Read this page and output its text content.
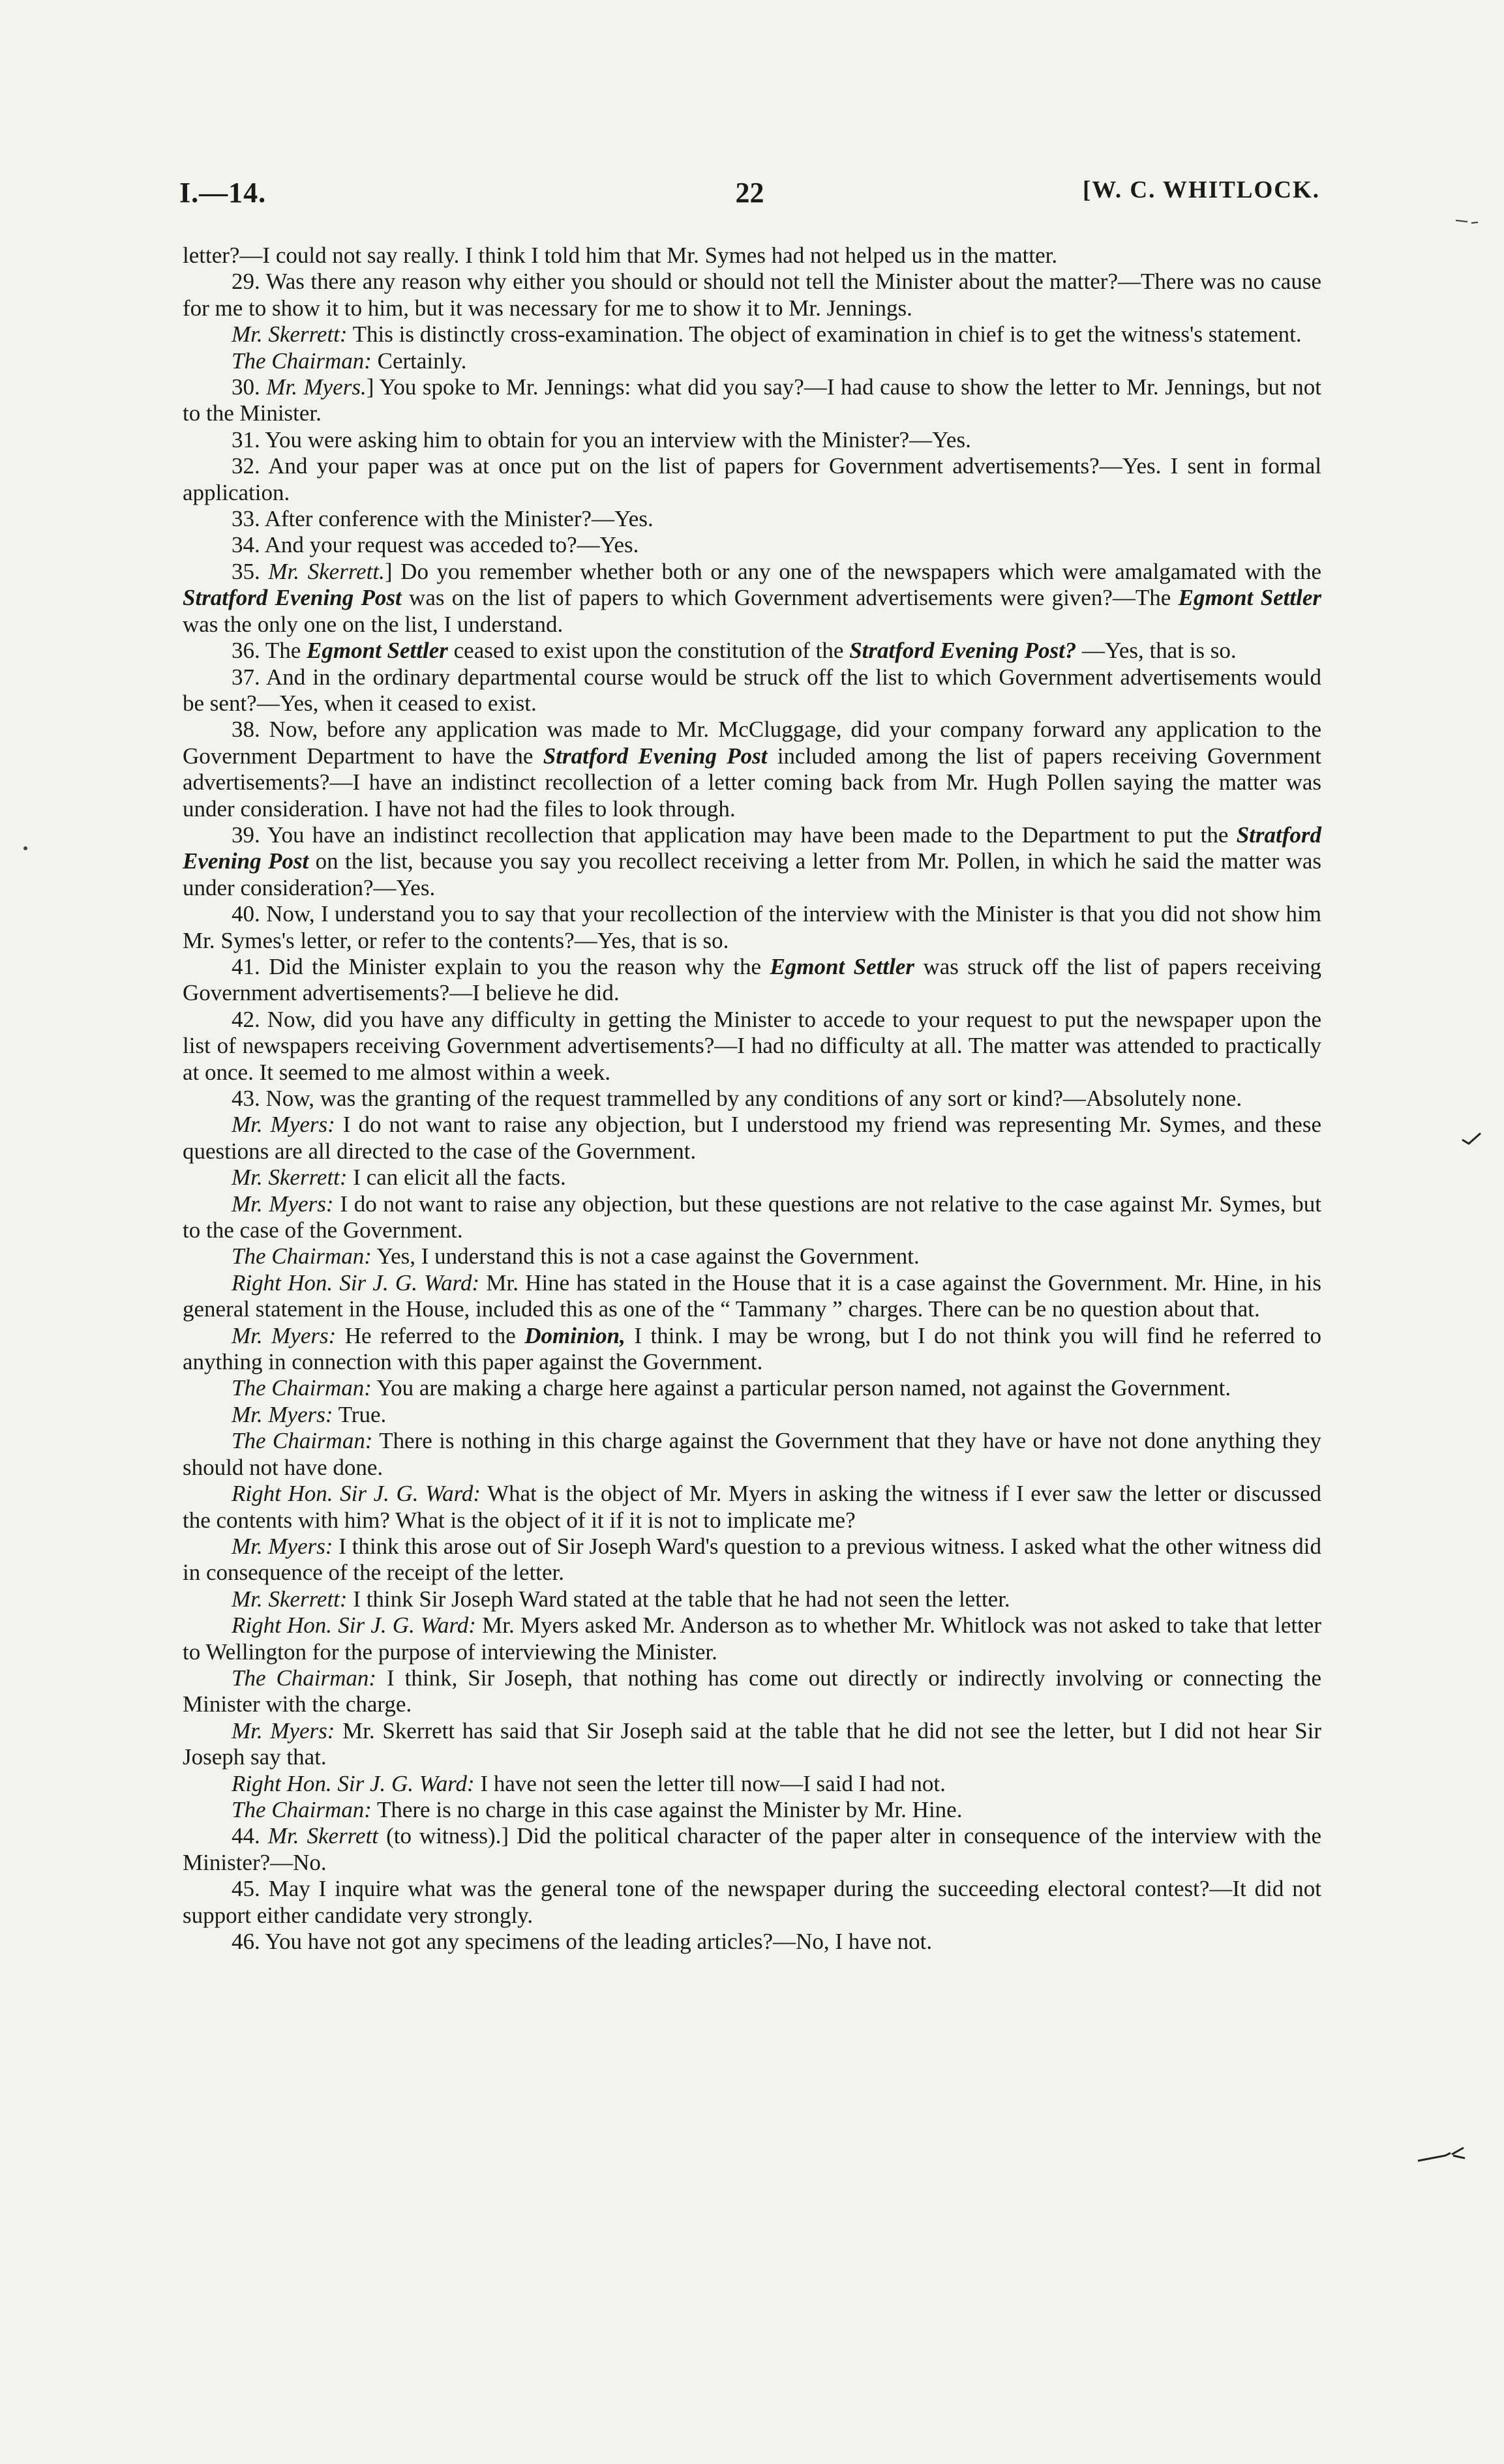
I.—14.	22	[W. C. WHITLOCK.

letter?—I could not say really. I think I told him that Mr. Symes had not helped us in the matter.

29. Was there any reason why either you should or should not tell the Minister about the matter?—There was no cause for me to show it to him, but it was necessary for me to show it to Mr. Jennings.

Mr. Skerrett: This is distinctly cross-examination. The object of examination in chief is to get the witness's statement.

The Chairman: Certainly.

30. Mr. Myers.] You spoke to Mr. Jennings: what did you say?—I had cause to show the letter to Mr. Jennings, but not to the Minister.

31. You were asking him to obtain for you an interview with the Minister?—Yes.

32. And your paper was at once put on the list of papers for Government advertisements?—Yes. I sent in formal application.

33. After conference with the Minister?—Yes.

34. And your request was acceded to?—Yes.

35. Mr. Skerrett.] Do you remember whether both or any one of the newspapers which were amalgamated with the Stratford Evening Post was on the list of papers to which Government advertisements were given?—The Egmont Settler was the only one on the list, I understand.

36. The Egmont Settler ceased to exist upon the constitution of the Stratford Evening Post? —Yes, that is so.

37. And in the ordinary departmental course would be struck off the list to which Government advertisements would be sent?—Yes, when it ceased to exist.

38. Now, before any application was made to Mr. McCluggage, did your company forward any application to the Government Department to have the Stratford Evening Post included among the list of papers receiving Government advertisements?—I have an indistinct recollection of a letter coming back from Mr. Hugh Pollen saying the matter was under consideration. I have not had the files to look through.

39. You have an indistinct recollection that application may have been made to the Department to put the Stratford Evening Post on the list, because you say you recollect receiving a letter from Mr. Pollen, in which he said the matter was under consideration?—Yes.

40. Now, I understand you to say that your recollection of the interview with the Minister is that you did not show him Mr. Symes's letter, or refer to the contents?—Yes, that is so.

41. Did the Minister explain to you the reason why the Egmont Settler was struck off the list of papers receiving Government advertisements?—I believe he did.

42. Now, did you have any difficulty in getting the Minister to accede to your request to put the newspaper upon the list of newspapers receiving Government advertisements?—I had no difficulty at all. The matter was attended to practically at once. It seemed to me almost within a week.

43. Now, was the granting of the request trammelled by any conditions of any sort or kind?—Absolutely none.

Mr. Myers: I do not want to raise any objection, but I understood my friend was representing Mr. Symes, and these questions are all directed to the case of the Government.

Mr. Skerrett: I can elicit all the facts.

Mr. Myers: I do not want to raise any objection, but these questions are not relative to the case against Mr. Symes, but to the case of the Government.

The Chairman: Yes, I understand this is not a case against the Government.

Right Hon. Sir J. G. Ward: Mr. Hine has stated in the House that it is a case against the Government. Mr. Hine, in his general statement in the House, included this as one of the “ Tammany ” charges. There can be no question about that.

Mr. Myers: He referred to the Dominion, I think. I may be wrong, but I do not think you will find he referred to anything in connection with this paper against the Government.

The Chairman: You are making a charge here against a particular person named, not against the Government.

Mr. Myers: True.

The Chairman: There is nothing in this charge against the Government that they have or have not done anything they should not have done.

Right Hon. Sir J. G. Ward: What is the object of Mr. Myers in asking the witness if I ever saw the letter or discussed the contents with him? What is the object of it if it is not to implicate me?

Mr. Myers: I think this arose out of Sir Joseph Ward's question to a previous witness. I asked what the other witness did in consequence of the receipt of the letter.

Mr. Skerrett: I think Sir Joseph Ward stated at the table that he had not seen the letter.

Right Hon. Sir J. G. Ward: Mr. Myers asked Mr. Anderson as to whether Mr. Whitlock was not asked to take that letter to Wellington for the purpose of interviewing the Minister.

The Chairman: I think, Sir Joseph, that nothing has come out directly or indirectly involving or connecting the Minister with the charge.

Mr. Myers: Mr. Skerrett has said that Sir Joseph said at the table that he did not see the letter, but I did not hear Sir Joseph say that.

Right Hon. Sir J. G. Ward: I have not seen the letter till now—I said I had not.

The Chairman: There is no charge in this case against the Minister by Mr. Hine.

44. Mr. Skerrett (to witness).] Did the political character of the paper alter in consequence of the interview with the Minister?—No.

45. May I inquire what was the general tone of the newspaper during the succeeding electoral contest?—It did not support either candidate very strongly.

46. You have not got any specimens of the leading articles?—No, I have not.
